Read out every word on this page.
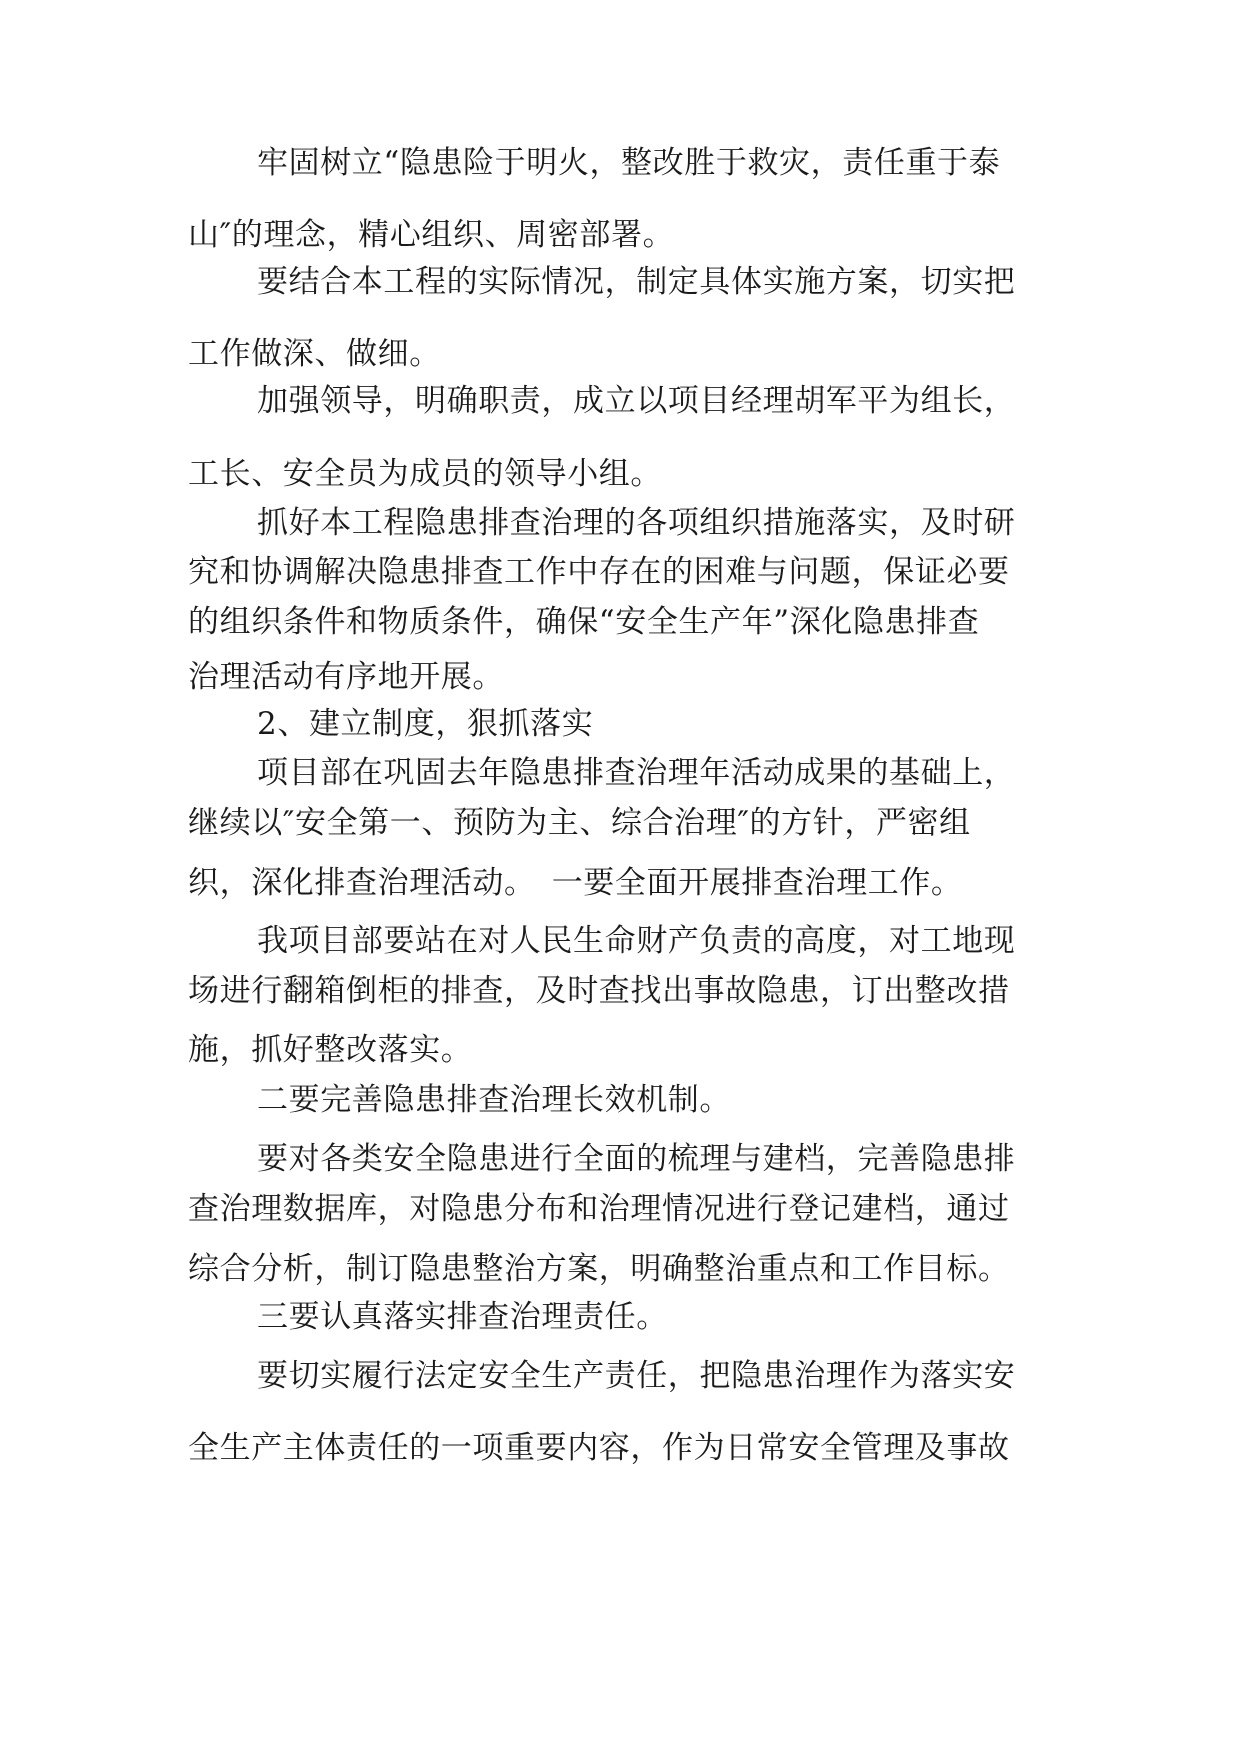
牢固树立“隐患险于明火，整改胜于救灾，责任重于泰
山″的理念，精心组织、周密部署。
要结合本工程的实际情况，制定具体实施方案，切实把
工作做深、做细。
加强领导，明确职责，成立以项目经理胡军平为组长，
工长、安全员为成员的领导小组。
抓好本工程隐患排查治理的各项组织措施落实，及时研
究和协调解决隐患排查工作中存在的困难与问题，保证必要
的组织条件和物质条件，确保“安全生产年”深化隐患排查
治理活动有序地开展。
2、建立制度，狠抓落实
项目部在巩固去年隐患排查治理年活动成果的基础上，
继续以″安全第一、预防为主、综合治理″的方针，严密组
织，深化排查治理活动。　一要全面开展排查治理工作。
我项目部要站在对人民生命财产负责的高度，对工地现
场进行翻箱倒柜的排查，及时查找出事故隐患，订出整改措
施，抓好整改落实。
二要完善隐患排查治理长效机制。
要对各类安全隐患进行全面的梳理与建档，完善隐患排
查治理数据库，对隐患分布和治理情况进行登记建档，通过
综合分析，制订隐患整治方案，明确整治重点和工作目标。
三要认真落实排查治理责任。
要切实履行法定安全生产责任，把隐患治理作为落实安
全生产主体责任的一项重要内容，作为日常安全管理及事故
